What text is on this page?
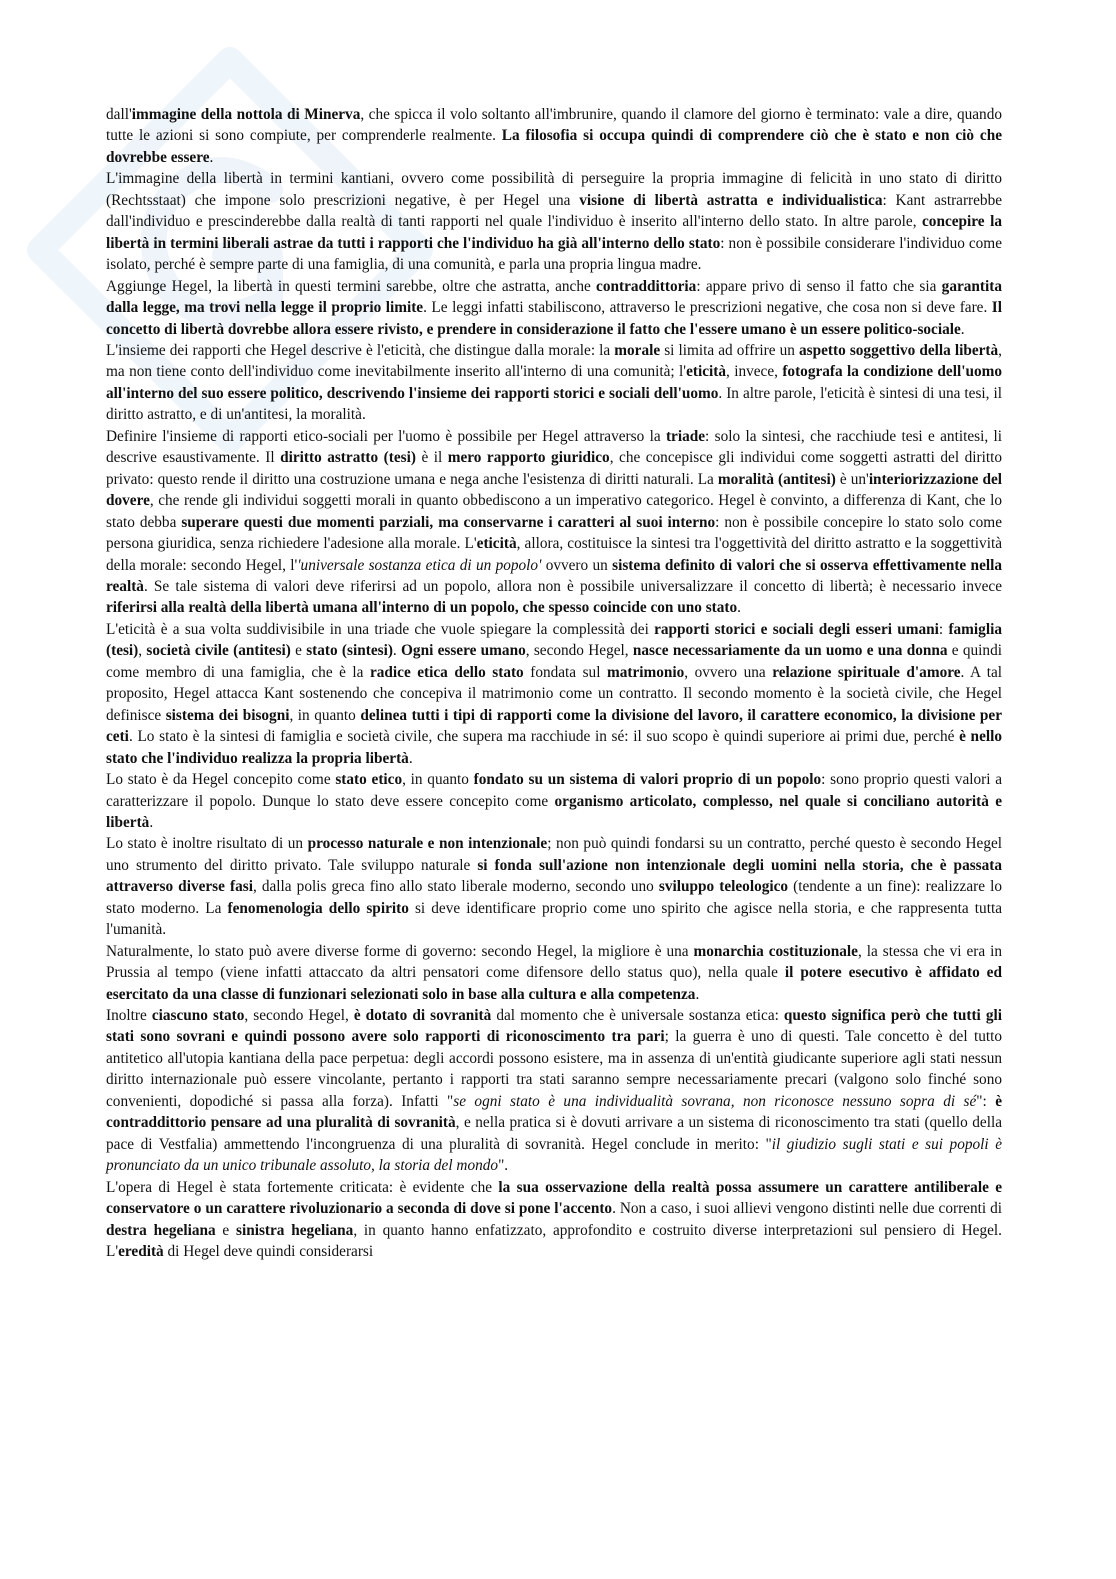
dall'immagine della nottola di Minerva, che spicca il volo soltanto all'imbrunire, quando il clamore del giorno è terminato: vale a dire, quando tutte le azioni si sono compiute, per comprenderle realmente. La filosofia si occupa quindi di comprendere ciò che è stato e non ciò che dovrebbe essere.

L'immagine della libertà in termini kantiani, ovvero come possibilità di perseguire la propria immagine di felicità in uno stato di diritto (Rechtsstaat) che impone solo prescrizioni negative, è per Hegel una visione di libertà astratta e individualistica: Kant astrarrebbe dall'individuo e prescinderebbe dalla realtà di tanti rapporti nel quale l'individuo è inserito all'interno dello stato. In altre parole, concepire la libertà in termini liberali astrae da tutti i rapporti che l'individuo ha già all'interno dello stato: non è possibile considerare l'individuo come isolato, perché è sempre parte di una famiglia, di una comunità, e parla una propria lingua madre.

Aggiunge Hegel, la libertà in questi termini sarebbe, oltre che astratta, anche contraddittoria: appare privo di senso il fatto che sia garantita dalla legge, ma trovi nella legge il proprio limite. Le leggi infatti stabiliscono, attraverso le prescrizioni negative, che cosa non si deve fare. Il concetto di libertà dovrebbe allora essere rivisto, e prendere in considerazione il fatto che l'essere umano è un essere politico-sociale.

L'insieme dei rapporti che Hegel descrive è l'eticità, che distingue dalla morale: la morale si limita ad offrire un aspetto soggettivo della libertà, ma non tiene conto dell'individuo come inevitabilmente inserito all'interno di una comunità; l'eticità, invece, fotografa la condizione dell'uomo all'interno del suo essere politico, descrivendo l'insieme dei rapporti storici e sociali dell'uomo. In altre parole, l'eticità è sintesi di una tesi, il diritto astratto, e di un'antitesi, la moralità.

Definire l'insieme di rapporti etico-sociali per l'uomo è possibile per Hegel attraverso la triade: solo la sintesi, che racchiude tesi e antitesi, li descrive esaustivamente. Il diritto astratto (tesi) è il mero rapporto giuridico, che concepisce gli individui come soggetti astratti del diritto privato: questo rende il diritto una costruzione umana e nega anche l'esistenza di diritti naturali. La moralità (antitesi) è un'interiorizzazione del dovere, che rende gli individui soggetti morali in quanto obbediscono a un imperativo categorico. Hegel è convinto, a differenza di Kant, che lo stato debba superare questi due momenti parziali, ma conservarne i caratteri al suoi interno: non è possibile concepire lo stato solo come persona giuridica, senza richiedere l'adesione alla morale. L'eticità, allora, costituisce la sintesi tra l'oggettività del diritto astratto e la soggettività della morale: secondo Hegel, l''universale sostanza etica di un popolo' ovvero un sistema definito di valori che si osserva effettivamente nella realtà. Se tale sistema di valori deve riferirsi ad un popolo, allora non è possibile universalizzare il concetto di libertà; è necessario invece riferirsi alla realtà della libertà umana all'interno di un popolo, che spesso coincide con uno stato.

L'eticità è a sua volta suddivisibile in una triade che vuole spiegare la complessità dei rapporti storici e sociali degli esseri umani: famiglia (tesi), società civile (antitesi) e stato (sintesi). Ogni essere umano, secondo Hegel, nasce necessariamente da un uomo e una donna e quindi come membro di una famiglia, che è la radice etica dello stato fondata sul matrimonio, ovvero una relazione spirituale d'amore. A tal proposito, Hegel attacca Kant sostenendo che concepiva il matrimonio come un contratto. Il secondo momento è la società civile, che Hegel definisce sistema dei bisogni, in quanto delinea tutti i tipi di rapporti come la divisione del lavoro, il carattere economico, la divisione per ceti. Lo stato è la sintesi di famiglia e società civile, che supera ma racchiude in sé: il suo scopo è quindi superiore ai primi due, perché è nello stato che l'individuo realizza la propria libertà.

Lo stato è da Hegel concepito come stato etico, in quanto fondato su un sistema di valori proprio di un popolo: sono proprio questi valori a caratterizzare il popolo. Dunque lo stato deve essere concepito come organismo articolato, complesso, nel quale si conciliano autorità e libertà.

Lo stato è inoltre risultato di un processo naturale e non intenzionale; non può quindi fondarsi su un contratto, perché questo è secondo Hegel uno strumento del diritto privato. Tale sviluppo naturale si fonda sull'azione non intenzionale degli uomini nella storia, che è passata attraverso diverse fasi, dalla polis greca fino allo stato liberale moderno, secondo uno sviluppo teleologico (tendente a un fine): realizzare lo stato moderno. La fenomenologia dello spirito si deve identificare proprio come uno spirito che agisce nella storia, e che rappresenta tutta l'umanità.

Naturalmente, lo stato può avere diverse forme di governo: secondo Hegel, la migliore è una monarchia costituzionale, la stessa che vi era in Prussia al tempo (viene infatti attaccato da altri pensatori come difensore dello status quo), nella quale il potere esecutivo è affidato ed esercitato da una classe di funzionari selezionati solo in base alla cultura e alla competenza.

Inoltre ciascuno stato, secondo Hegel, è dotato di sovranità dal momento che è universale sostanza etica: questo significa però che tutti gli stati sono sovrani e quindi possono avere solo rapporti di riconoscimento tra pari; la guerra è uno di questi. Tale concetto è del tutto antitetico all'utopia kantiana della pace perpetua: degli accordi possono esistere, ma in assenza di un'entità giudicante superiore agli stati nessun diritto internazionale può essere vincolante, pertanto i rapporti tra stati saranno sempre necessariamente precari (valgono solo finché sono convenienti, dopodiché si passa alla forza). Infatti "se ogni stato è una individualità sovrana, non riconosce nessuno sopra di sé": è contraddittorio pensare ad una pluralità di sovranità, e nella pratica si è dovuti arrivare a un sistema di riconoscimento tra stati (quello della pace di Vestfalia) ammettendo l'incongruenza di una pluralità di sovranità. Hegel conclude in merito: "il giudizio sugli stati e sui popoli è pronunciato da un unico tribunale assoluto, la storia del mondo".

L'opera di Hegel è stata fortemente criticata: è evidente che la sua osservazione della realtà possa assumere un carattere antiliberale e conservatore o un carattere rivoluzionario a seconda di dove si pone l'accento. Non a caso, i suoi allievi vengono distinti nelle due correnti di destra hegeliana e sinistra hegeliana, in quanto hanno enfatizzato, approfondito e costruito diverse interpretazioni sul pensiero di Hegel. L'eredità di Hegel deve quindi considerarsi
